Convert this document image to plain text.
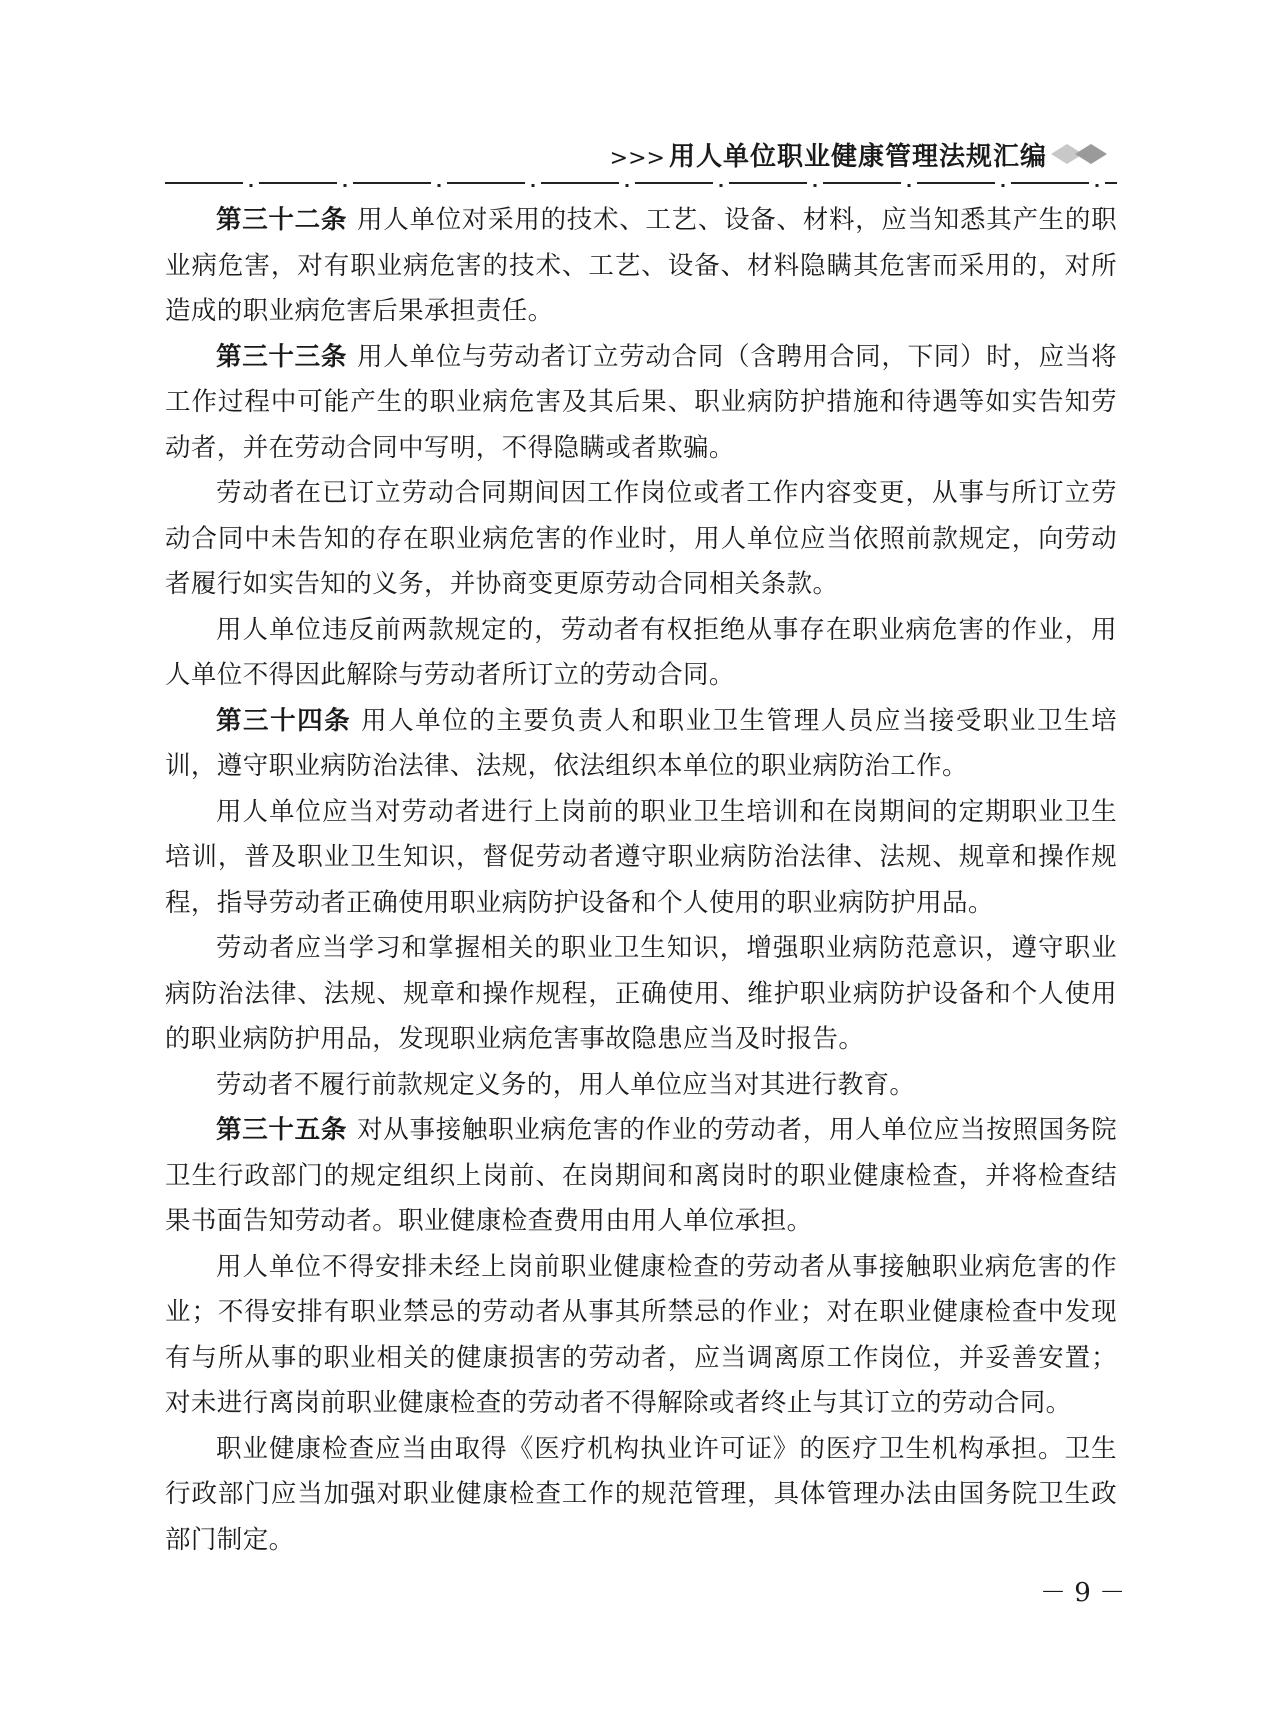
>>> 用人单位职业健康管理法规汇编

第三十二条 用人单位对采用的技术、工艺、设备、材料，应当知悉其产生的职业病危害，对有职业病危害的技术、工艺、设备、材料隐瞒其危害而采用的，对所造成的职业病危害后果承担责任。

第三十三条 用人单位与劳动者订立劳动合同（含聘用合同，下同）时，应当将工作过程中可能产生的职业病危害及其后果、职业病防护措施和待遇等如实告知劳动者，并在劳动合同中写明，不得隐瞒或者欺骗。

劳动者在已订立劳动合同期间因工作岗位或者工作内容变更，从事与所订立劳动合同中未告知的存在职业病危害的作业时，用人单位应当依照前款规定，向劳动者履行如实告知的义务，并协商变更原劳动合同相关条款。

用人单位违反前两款规定的，劳动者有权拒绝从事存在职业病危害的作业，用人单位不得因此解除与劳动者所订立的劳动合同。

第三十四条 用人单位的主要负责人和职业卫生管理人员应当接受职业卫生培训，遵守职业病防治法律、法规，依法组织本单位的职业病防治工作。

用人单位应当对劳动者进行上岗前的职业卫生培训和在岗期间的定期职业卫生培训，普及职业卫生知识，督促劳动者遵守职业病防治法律、法规、规章和操作规程，指导劳动者正确使用职业病防护设备和个人使用的职业病防护用品。

劳动者应当学习和掌握相关的职业卫生知识，增强职业病防范意识，遵守职业病防治法律、法规、规章和操作规程，正确使用、维护职业病防护设备和个人使用的职业病防护用品，发现职业病危害事故隐患应当及时报告。

劳动者不履行前款规定义务的，用人单位应当对其进行教育。

第三十五条 对从事接触职业病危害的作业的劳动者，用人单位应当按照国务院卫生行政部门的规定组织上岗前、在岗期间和离岗时的职业健康检查，并将检查结果书面告知劳动者。职业健康检查费用由用人单位承担。

用人单位不得安排未经上岗前职业健康检查的劳动者从事接触职业病危害的作业；不得安排有职业禁忌的劳动者从事其所禁忌的作业；对在职业健康检查中发现有与所从事的职业相关的健康损害的劳动者，应当调离原工作岗位，并妥善安置；对未进行离岗前职业健康检查的劳动者不得解除或者终止与其订立的劳动合同。

职业健康检查应当由取得《医疗机构执业许可证》的医疗卫生机构承担。卫生行政部门应当加强对职业健康检查工作的规范管理，具体管理办法由国务院卫生政部门制定。

－ 9 －
